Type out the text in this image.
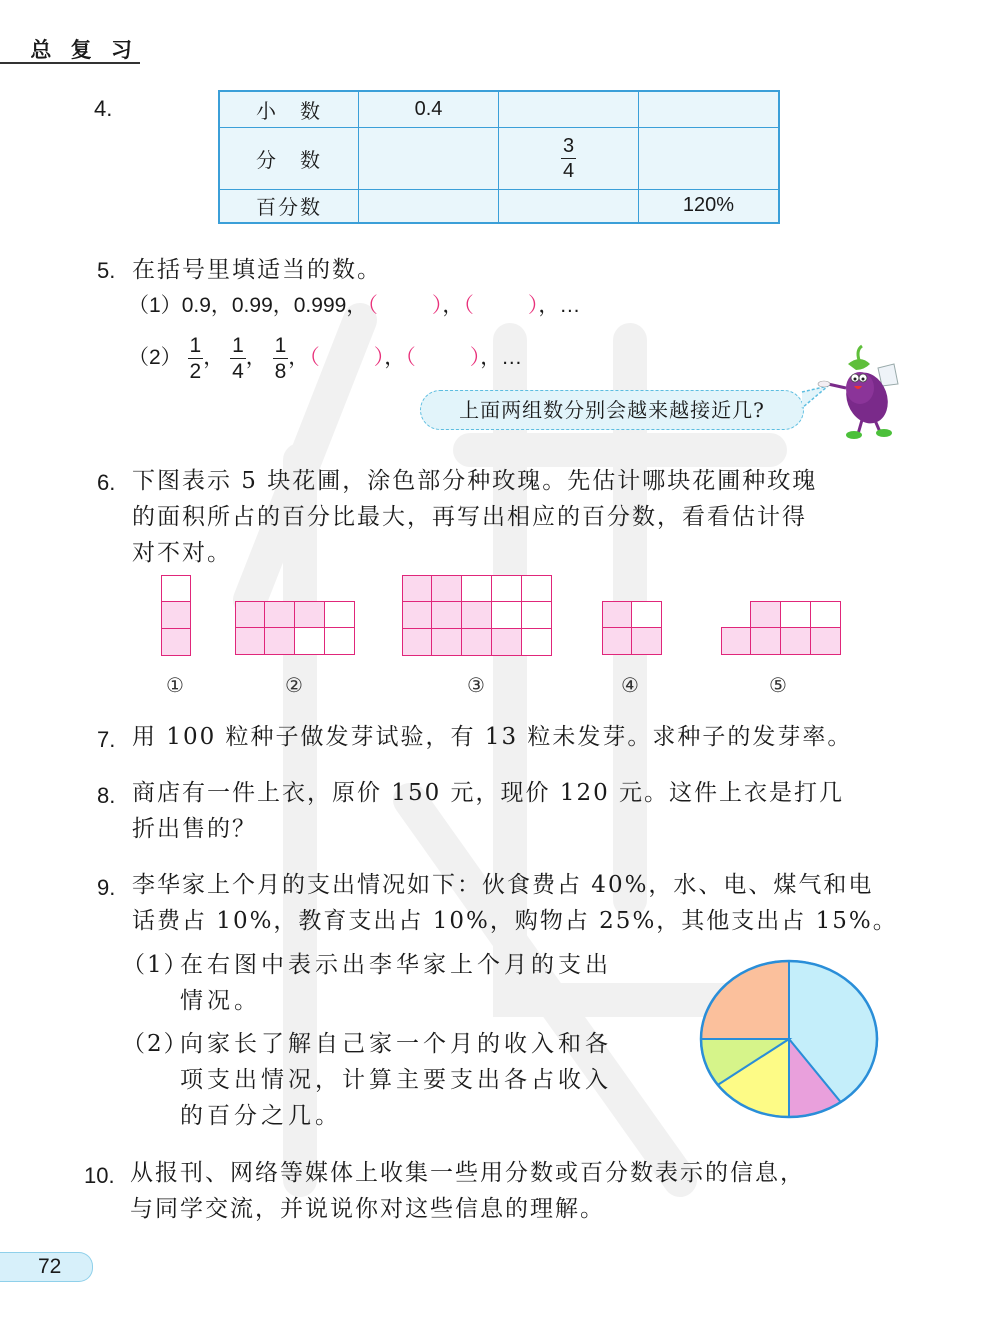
总 复 习
4.	小　数	0.4		
分　数		$\frac{3}{4}$

百分数			120%
5. 在括号里填适当的数。
（1）0.9，0.99，0.999，（	），（	），…
$(2) \frac{1}{2}$ ， $\frac{1}{4}$ ， $\frac{1}{8}$ ，（	），（	），…
上面两组数分别会越来越接近几?
6. 下图表示 5 块花圃，涂色部分种玫瑰。先估计哪块花圃种玫瑰
的面积所占的百分比最大，再写出相应的百分数，看看估计得
对不对。
①	②	③	④	⑤
7. 用 100 粒种子做发芽试验，有 13 粒未发芽。求种子的发芽率。
8. 商店有一件上衣，原价 150 元，现价 120 元。这件上衣是打几
折出售的？
9. 李华家上个月的支出情况如下：伙食费占 40%，水、电、煤气和电
话费占 10%，教育支出占 10%，购物占 25%，其他支出占 15%。
（1）
在右图中表示出李华家上个月的支出
情况。
（2）
向家长了解自己家一个月的收入和各
项支出情况，计算主要支出各占收入
的百分之几。
10. 从报刊、网络等媒体上收集一些用分数或百分数表示的信息，
与同学交流，并说说你对这些信息的理解。
72
